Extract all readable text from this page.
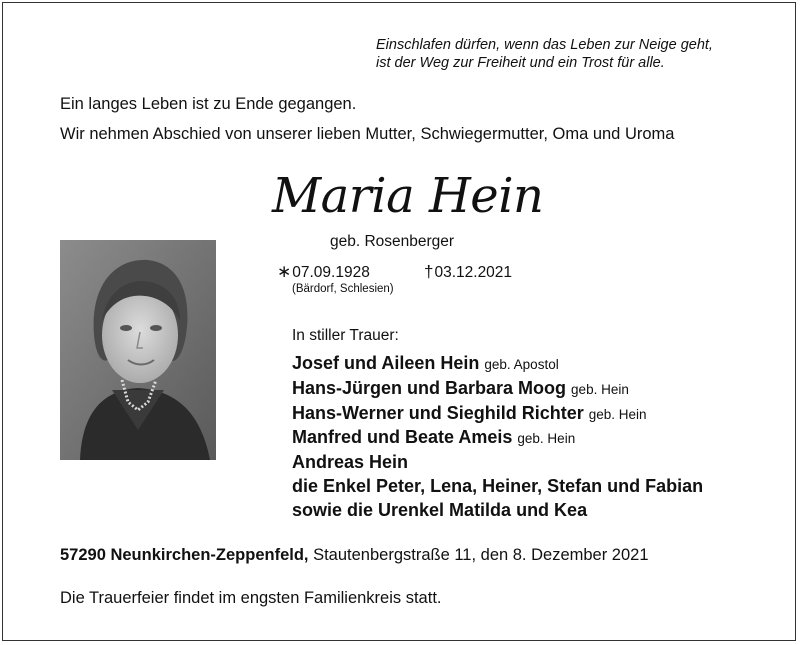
Einschlafen dürfen, wenn das Leben zur Neige geht,
ist der Weg zur Freiheit und ein Trost für alle.
Ein langes Leben ist zu Ende gegangen.
Wir nehmen Abschied von unserer lieben Mutter, Schwiegermutter, Oma und Uroma
Maria Hein
geb. Rosenberger
∗07.09.1928	†03.12.2021
(Bärdorf, Schlesien)
In stiller Trauer:
Josef und Aileen Hein geb. Apostol
Hans-Jürgen und Barbara Moog geb. Hein
Hans-Werner und Sieghild Richter geb. Hein
Manfred und Beate Ameis geb. Hein
Andreas Hein
die Enkel Peter, Lena, Heiner, Stefan und Fabian
sowie die Urenkel Matilda und Kea
57290 Neunkirchen-Zeppenfeld, Stautenbergstraße 11, den 8. Dezember 2021
Die Trauerfeier findet im engsten Familienkreis statt.
